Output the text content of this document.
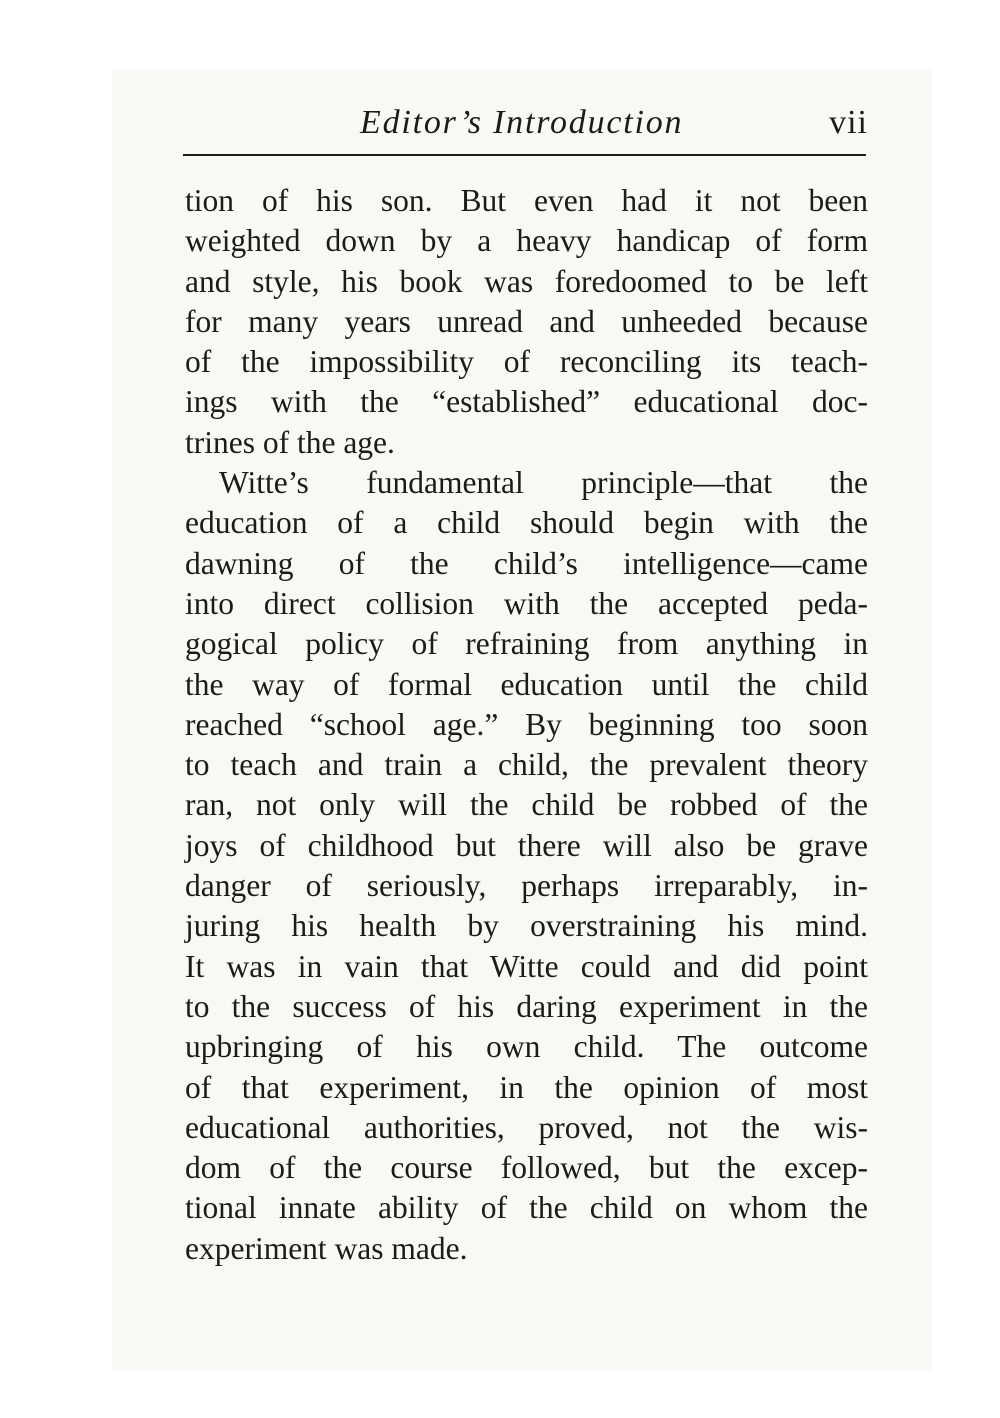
Editor’s Introduction	vii
tion of his son. But even had it not been
weighted down by a heavy handicap of form
and style, his book was foredoomed to be left
for many years unread and unheeded because
of the impossibility of reconciling its teach-
ings with the “established” educational doc-
trines of the age.
Witte’s fundamental principle—that the
education of a child should begin with the
dawning of the child’s intelligence—came
into direct collision with the accepted peda-
gogical policy of refraining from anything in
the way of formal education until the child
reached “school age.” By beginning too soon
to teach and train a child, the prevalent theory
ran, not only will the child be robbed of the
joys of childhood but there will also be grave
danger of seriously, perhaps irreparably, in-
juring his health by overstraining his mind.
It was in vain that Witte could and did point
to the success of his daring experiment in the
upbringing of his own child. The outcome
of that experiment, in the opinion of most
educational authorities, proved, not the wis-
dom of the course followed, but the excep-
tional innate ability of the child on whom the
experiment was made.
